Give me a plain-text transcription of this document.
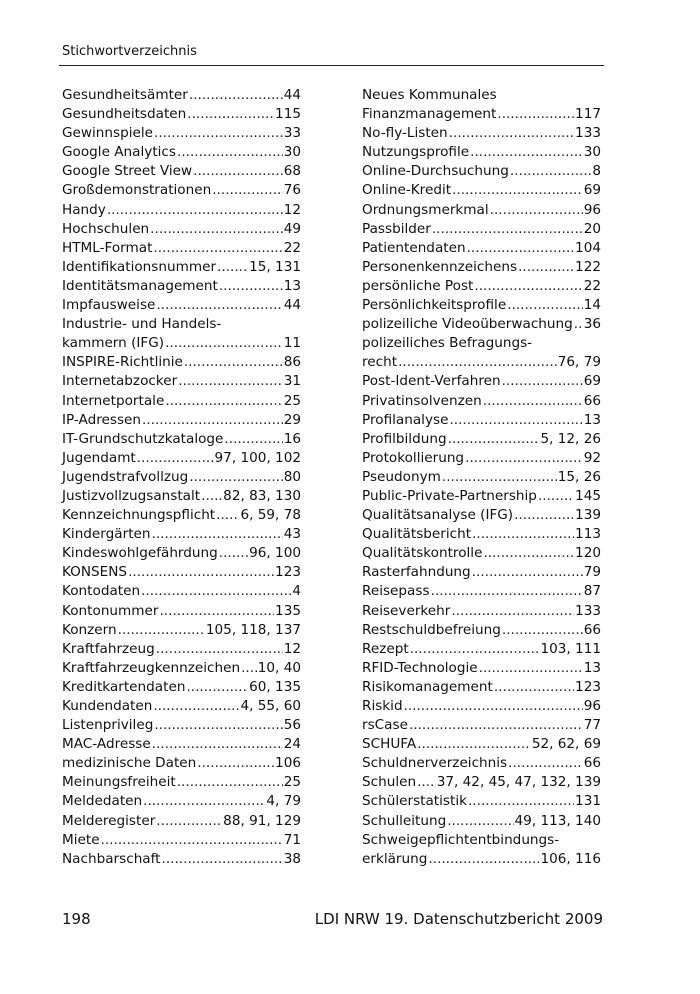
Stichwortverzeichnis
Gesundheitsämter .....	44
Gesundheitsdaten .....	115
Gewinnspiele .....	33
Google Analytics .....	30
Google Street View .....	68
Großdemonstrationen .....	76
Handy .....	12
Hochschulen .....	49
HTML-Format .....	22
Identifikationsnummer ..... 15, 131
Identitätsmanagement .....	13
Impfausweise .....	44
Industrie- und Handels-
kammern (IFG) .....	11
INSPIRE-Richtlinie .....	86
Internetabzocker .....	31
Internetportale .....	25
IP-Adressen .....	29
IT-Grundschutzkataloge .....	16
Jugendamt .....	97, 100, 102
Jugendstrafvollzug .....	80
Justizvollzugsanstalt ..... 82, 83, 130
Kennzeichnungspflicht ..... 6, 59, 78
Kindergärten .....	43
Kindeswohlgefährdung ..... 96, 100
KONSENS .....	123
Kontodaten .....	4
Kontonummer .....	135
Konzern .....	105, 118, 137
Kraftfahrzeug .....	12
Kraftfahrzeugkennzeichen ..... 10, 40
Kreditkartendaten .....	60, 135
Kundendaten .....	4, 55, 60
Listenprivileg .....	56
MAC-Adresse .....	24
medizinische Daten .....	106
Meinungsfreiheit .....	25
Meldedaten .....	4, 79
Melderegister .....	88, 91, 129
Miete .....	71
Nachbarschaft .....	38
Neues Kommunales
Finanzmanagement .....	117
No-fly-Listen .....	133
Nutzungsprofile .....	30
Online-Durchsuchung .....	8
Online-Kredit .....	69
Ordnungsmerkmal .....	96
Passbilder .....	20
Patientendaten .....	104
Personenkennzeichens .....	122
persönliche Post .....	22
Persönlichkeitsprofile .....	14
polizeiliche Videoüberwachung ..... 36
polizeiliches Befragungs-
recht .....	76, 79
Post-Ident-Verfahren .....	69
Privatinsolvenzen .....	66
Profilanalyse .....	13
Profilbildung .....	5, 12, 26
Protokollierung .....	92
Pseudonym .....	15, 26
Public-Private-Partnership .....	145
Qualitätsanalyse (IFG) .....	139
Qualitätsbericht .....	113
Qualitätskontrolle .....	120
Rasterfahndung .....	79
Reisepass .....	87
Reiseverkehr .....	133
Restschuldbefreiung .....	66
Rezept .....	103, 111
RFID-Technologie .....	13
Risikomanagement .....	123
Riskid .....	96
rsCase .....	77
SCHUFA .....	52, 62, 69
Schuldnerverzeichnis .....	66
Schulen ..... 37, 42, 45, 47, 132, 139
Schülerstatistik .....	131
Schulleitung .....	49, 113, 140
Schweigepflichtentbindungs-
erklärung .....	106, 116
198	LDI NRW 19. Datenschutzbericht 2009
